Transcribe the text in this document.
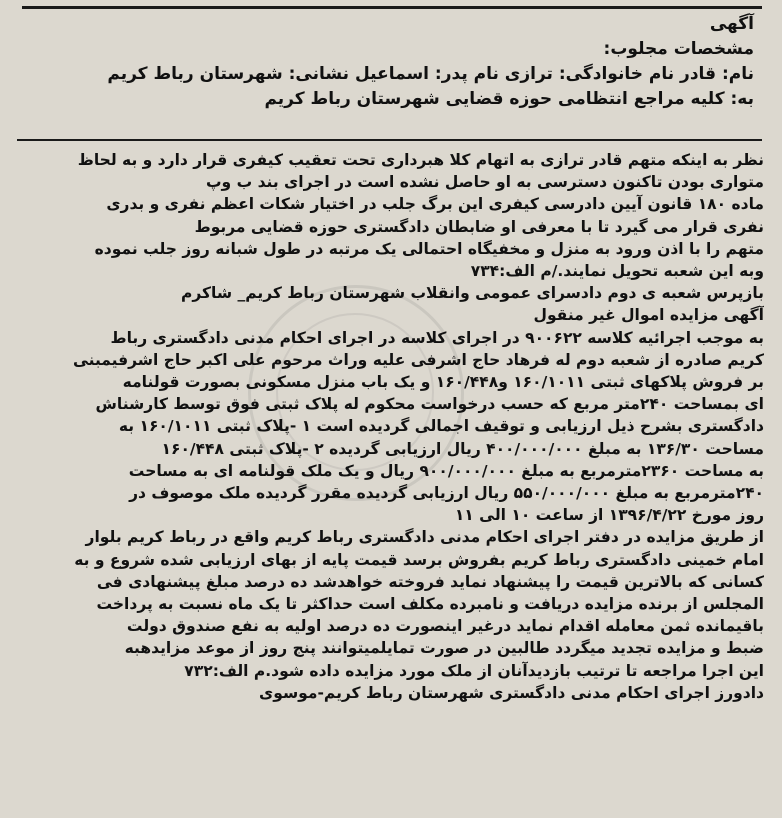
آگهی

مشخصات مجلوب:

نام: قادر نام خانوادگی: ترازی نام پدر: اسماعیل نشانی: شهرستان رباط کریم

به: کلیه مراجع انتظامی حوزه قضایی شهرستان رباط کریم

نظر به اینکه متهم قادر ترازی به اتهام کلا هبرداری تحت تعقیب کیفری قرار دارد و به لحاظ

متواری بودن تاکنون دسترسی به او حاصل نشده است در اجرای بند ب وپ

ماده ۱۸۰ قانون آیین دادرسی کیفری این برگ جلب در اختیار شکات اعظم نفری و بدری

نفری قرار می گیرد تا با معرفی او ضابطان دادگستری حوزه قضایی مربوط

متهم را با اذن ورود به منزل و مخفیگاه احتمالی یک مرتبه در طول شبانه روز جلب نموده

وبه این شعبه تحویل نمایند./م الف:۷۳۴

بازپرس شعبه ی دوم دادسرای عمومی وانقلاب شهرستان رباط کریم_ شاکرم

آگهی مزایده اموال غیر منقول

به موجب اجرائیه کلاسه ۹۰۰۶۲۲ در اجرای کلاسه در اجرای احکام مدنی دادگستری رباط

کریم صادره از شعبه دوم له فرهاد حاج اشرفی علیه وراث مرحوم علی اکبر حاج اشرفیمبنی

بر فروش پلاکهای ثبتی ۱۶۰/۱۰۱۱ و۱۶۰/۴۴۸ و یک باب منزل مسکونی بصورت قولنامه

ای بمساحت ۲۴۰متر مربع که حسب درخواست محکوم له پلاک ثبتی فوق توسط کارشناش

دادگستری بشرح ذیل ارزیابی و توقیف اجمالی گردیده است ۱ -پلاک ثبتی ۱۶۰/۱۰۱۱ به

مساحت ۱۳۶/۳۰ به مبلغ ۴۰۰/۰۰۰/۰۰۰ ریال ارزیابی گردیده ۲ -پلاک ثبتی ۱۶۰/۴۴۸

به مساحت ۲۳۶۰مترمربع به مبلغ ۹۰۰/۰۰۰/۰۰۰ ریال و یک ملک قولنامه ای به مساحت

۲۴۰مترمربع به مبلغ ۵۵۰/۰۰۰/۰۰۰ ریال ارزیابی گردیده مقرر گردیده ملک موصوف در

روز مورخ ۱۳۹۶/۴/۲۲ از ساعت ۱۰ الی ۱۱

از طریق مزایده در دفتر اجرای احکام مدنی دادگستری رباط کریم واقع در رباط کریم بلوار

امام خمینی دادگستری رباط کریم بفروش برسد قیمت پایه از بهای ارزیابی شده شروع و به

کسانی که بالاترین قیمت را پیشنهاد نماید فروخته خواهدشد ده درصد مبلغ پیشنهادی فی

المجلس از برنده مزایده دریافت و نامبرده مکلف است حداکثر تا یک ماه نسبت به پرداخت

باقیمانده ثمن معامله اقدام نماید درغیر اینصورت ده درصد اولیه به نفع صندوق دولت

ضبط و مزایده تجدید میگردد طالبین در صورت تمایلمیتوانند پنج روز از موعد مزایدهبه

این اجرا مراجعه تا ترتیب بازدیدآنان از ملک مورد مزایده داده شود.م الف:۷۳۲

دادورز اجرای احکام مدنی دادگستری شهرستان رباط کریم-موسوی
